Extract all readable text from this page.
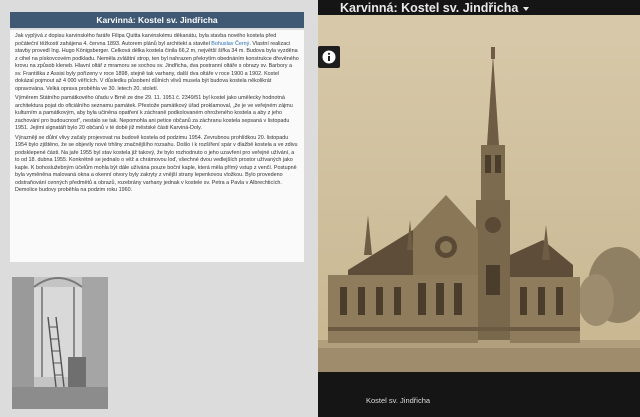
Karvinná: Kostel sv. Jindřicha

Jak vyplývá z dopisu karvinského faráře Filipa Quitta karvinskému děkanátu, byla stavba nového kostela před počáteční těžkostí zahájena 4. června 1893. Autorem plánů byl architekt a stavitel Bohuslav Černý. Vlastní realizaci stavby provedl Ing. Hugo Königsberger. Celková délka kostela činila 66,2 m, největší šířka 34 m. Budova byla vyzděna z cihel na pískovcovém podkladu. Neměla zvláštní strop, ten byl nahrazen překrytím obednáním konstrukce dřevěného krovu na způsob kleneb. Hlavní oltář z mramoru se sochou sv. Jindřicha, dva postranní oltáře s obrazy sv. Barbory a sv. Františka z Assisi byly pořízeny v roce 1898, stejně tak varhany, další dva oltáře v roce 1900 a 1902. Kostel dokázal pojmout až 4 000 věřících. V důsledku působení důlních vlivů musela být budova kostela několikrát opravována. Velká oprava proběhla ve 30. letech 20. století.

Výměrem Státního památkového úřadu v Brně ze dne 29. 11. 1951 č. 2349/51 byl kostel jako umělecky hodnotná architektura pojat do oficiálního seznamu památek. Přestože památkový úřad proklamoval, „že je ve veřejném zájmu kulturním a památkovým, aby byla učiněna opatření k záchraně podkolovaném ohroženého kostela a aby z jeho zachování pro budoucnost", nestalo se tak. Nepomohla ani petice občanů za záchranu kostela sepsaná v listopadu 1951. Jejími signatáři bylo 20 občanů v té době již městské části Karviná-Doly.

Výrazněji se důlní vlivy začaly projevovat na budově kostela od podzimu 1954. Zevrubnou prohlídkou 20. listopadu 1954 bylo zjištěno, že se objevily nové trhliny značnějšího rozsahu. Došlo i k rozšíření spár v dlažbě kostela a ve zdivu podsklepené části. Na jaře 1955 byl stav kostela již takový, že bylo rozhodnuto o jeho uzavření pro veřejné užívání, a to od 18. dubna 1955. Konkrétně se jednalo o věž a chrámovou loď, všechné dvou vedlejších prostor užívaných jako kaple. K bohoslužebným účelům mohla být dále užívána pouze boční kaple, která měla přímý vstup z venčí. Postupně byla vyměněna malovaná okna a okenní otvory byly zakryty z vnější strany lepenkovou vložkou. Bylo provedeno odstraňování cenných předmětů a obrazů, rozebrány varhany jednak v kostele sv. Petra a Pavla v Albrechticích. Demolice budovy proběhla na podzim roku 1960.

Karvinná: Kostel sv. Jindřicha
Kostel sv. Jindřicha
